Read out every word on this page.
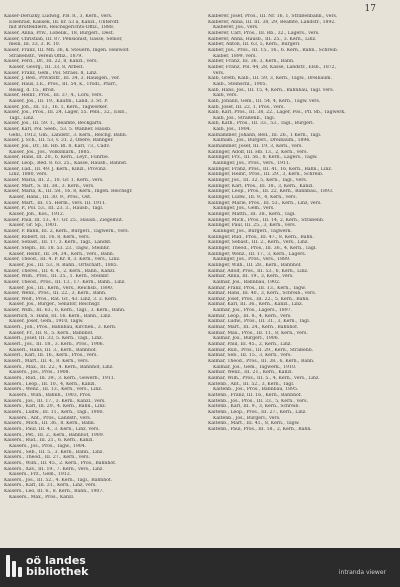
17
Kaiser-Deruzky, Ludwig, P.B. 8., 3, Kern., vers.
Elsenrad, Kalisek, III. kr. 53 a, Kanzl., Unteroff.
mit Brutfeldlern, Reichsgerichts-Offiz., 1888.
Kaiser, Anna, Priv., Lobelik., 18, Bürgerl., Dest.
Kaiser, Christian, III. 87. Pensionist, Gasse, Senior,
mein, III. 33, 3. R. 10.
Kaiser, Franz, III. Mh. 36, k. Steuern, Ingen. Heilwolf.
Straßenstr., Verein Offiz., 1879.
Kaiser, Ferd., Dr., III. 22, 8, Kanzl., vers.
Kaiser, Georg., III. 33, 8, Arbeit.
Kaiser, Franz, Gem., Pol. Strass. 8, Linz.
Kaiser, J. Bed., Privatstr., III. 34, 3. Hausgen., ver.
Kaiser, Haus, I.E., Pros., III. 54, k., Trödl., Pfarr.,
Reisig, d. 15., Brod.
Kaiser, Heinr., Pros., III. 37, 4., Loru, vers.
Kaiser, Jos., III. 19., Kaufm., Land, 3. St. P.
Kaiser, Joh., III. 13., 16. 1, Kern., Tagwerker.
Kaiser, Jos., Pros., III. 24, Lager, 55. Pebl., 32., Elsb.,
Tagl., Linz.
Kaiser, Jos., III. 59. 1., Beamte, Beckgärts.
Kaiser, Karl, Pol. Seeb., 53. 5. Wanner, Hausb.
Gehl., 1912, Gm., Landstr., 3. Kern., Reichg. Bahn.
Kaiser, J. Sch., III. 53, v. 31. 2, Obere, Bahnger.
Kaiser, Jos., Dr., III. Hb. Bl. 8, Karl, 73., Cadv.
Kaiser, Jos., Jos., Volksmark., 1885.
Kaiser, Hans, III. 20., 6, Kern., Leyr., Fuhrbe.
Kaiser, Leop., Bed. 8. 63. 25., Kasse, Hausb., Bahnst.
Kaiser, Lud., III. 49. J. Kern., Kinzl., Provinz.
Linz, 1880, vers.
Kaiser, Maria, III. 2., 10. Gr. 1, Kern., vers.
Kaiser, Mart., S. III. 38., 3. Kern., vers.
Kaiser, Maria, K., III. 58., 16. 8, Kern., Ingen. Reichsgr.
Kaiser, Hans., III. 30. 9., Pros., Ost.
Kaiser, Mart., III. 15. Herm., vers. III. 1911.
Kaiser, P., Pol. 53., III. 23. 3., Hausb., Tagl.
Kaiser, Joh., Kos., 1912.
Kaiser, Paul, III. 13., 47. Gr. 25., Hausb., Ziegelhüt.
Kaiser, Gr. Sp., 1901.
Kaiser, P. Bann, III. 2, Kern., Bürgerl., Tagwerk., vers.
Kaiser, Robert, III. 16. 8, Kern., vers.
Kaiser, Sebast., III. 17. 3. Kern., Tagl., Landst.
Kaiser, Steph., III. 18. 53. 23., Tagw., Steinhr.
Kaiser, Heinr., III. 34, 34., Kern., vers., Bahn.
Kaiser, Theod., III. 4. P. Kr. 8, 3. Kern., vers., Linz.
Kaiser, Jos., III. 53., 8. Bahn., Ortschaft., 1885.
Kaiser, Theres., III. 4. 4., 2. Kern., Bahn., Kanzl.
Kaiser, Wilh., Pros., III. 35., 1. Kern., Steinbr.
Kaiser, Theod., Pros., III. 13., 17. Kern., Bahn., Linz.
Kaiser, Jos., III., Kern., vers., Reichsb., 1890.
Kaiser, Wenz., Pros., III. 22., 3, Kern., Bahn.
Kaiser, Wolf., Pros., Rat. Gr., 43. Linz, 3. 2. Kern.
Kaiser, Jos., Bürger., Senator, Reichsgr.
Kaiser, Wilh., III. 63., 6, Kern., Tagl., 3. Kern., Bahn.
Kaiserlich, S. Hans, III. 16. Kern., Bahn., Linz.
Kaiser, Josef, Gem., 1910, Tagw.
Kaiserl., Joh., Pros., Bahnbau, Kirchen., 3. Kern.
Kaiser, Fr., III. 8., 5. Kern., Bahnhof.
Kaiserl., Josef, III. 33, 5. Kern., Tagl., Linz.
Kaiserl., Jos., III. 18., 3. Kern., Pros., 1906.
Kaiserl., Hans, III. 3., Kern., Bahnhof.
Kaiserl., Karl, III. 16., Kern., Pros., vers.
Kaiserl., Mart., III. 4., 8. Kern., vers.
Kaisers., Max., III. 22., 4. Kern., Bahnhof, Linz.
Kaisers., Jos., Pros., 1908.
Kaisers., Rud., III. 39., 3. Kern., Gewerb., 1911.
Kaisers., Leop., III. 10., 4, Kern., Kanzl.
Kaisers., Wenz., III. 13., Kern., vers., Linz.
Kaisers., Wilh., Bahnh., 1903, Pros.
Kaisers., Jos., III. 17., 3. Kern., Kanzl., vers.
Kaisers., Karl, III. 29., 4. Kern., Bahn., Linz.
Kaisers., Ludw., III. 11., Kern., Tagl., 1900.
Kaisers., Ant., Pros., Landstr., vers.
Kaisers., Mich., III. 36., 8. Kern., Bahn.
Kaisers., Paul, III. 4., 3. Kern., Linz, vers.
Kaisers., Pet., III. 2., Kern., Bahnhof, 1909.
Kaisers., Rud., III. 21., 6. Kern., Kanzl.
Kaisers., Jos., Pros., Tagw., 1904.
Kaisers., Seb., III. 5., 3. Kern., Bahn., Linz.
Kaisers., Theod., III. 27., Kern., vers.
Kaisers., Wilh., III. 45., 2. Kern., Pros., Bahnhof.
Kaisers., Xav., III. 19., 7. Kern., vers., Linz.
Kaisers., Frz., Gem., 1912.
Kaisers., Jos., III. 52., 4. Kern., Tagl., Bahnhof.
Kaisers., Karl, III. 31., Kern., Linz, vers.
Kaisers., Leo, III. 6., 8. Kern., Bahn., 1907.
Kaisers., Max., Pros., Kanzl.
Kalberer, Josef, Pros., III. Nr. 16, 1, Straßenbahn., vers.
Kalberer, Anna, III. III. 38, 29, Beamte, Landstr., 1892.
Kalberer, Jos., vers.
Kalberer, Carl, Pros., III. Rb., 32., Lagers., vers.
Kalberer, Anna, Hausb., III. 25., 3. Kern., Linz.
Kalber, Anton, III. 63, 5, Kern., Bürgerl.
Kalber, Jos., Pros., III. 15., 16., 6. Kern., Bahn., Schreib.
Kalber, 1899, vers.
Kalber, Franz, III. 36. 3, Kern., Bahn.
Kalber, Franz, Pol. 44, 28, Kasse, Landstr., Elsb., 1872,
vers.
Kalb, Greth, Kalb., III. 59, 3, Kern., Tagw., Dreibaum.
Kalb., Steinschl., 1905.
Kalb, Hans, Jos., III. 15, 4, Kern., Bahnbau, Tagl. vers.
Kalb, vers.
Kalb, Johann, Gem., III. 54, 4, Kern., Tagw. vers.
Kalb, Josef, III. 22, 1, Pros., vers.
Kalb, Karl, Pros., III. 38, 22., Lager, Pos., Pfl. 8b., Tagwerk.
Kalb, Jos., Straßenb., Tagl.
Kalb, Kath., Pros., III. 33., 53., Tagl., Bürgerl.
Kalb, Jos., 1904.
Kallhammer, Johann, Bed., III. 26., 1 Kern., Tagl.
Kallham., Jos., Bürgerl., Dreibaum., 1896.
Kallhammer, Josef, III. 19, 3, Kern., vers.
Kallinger, Adolf, III. Hb. 13., 2, Kern., vers.
Kallinger, Frz., III. 56., 8, Kern., Lagers., Tagw.
Kallinger, Jos., Pros., vers., 1911.
Kallinger, Franz, Pros., III. 41, 16, Kern., Bahn., Linz.
Kallinger, Heinr., Pros., III. 29., 3, Kern., Schreib.
Kallinger, Jos., III. 32, 5, Kern., Tagl., vers.
Kallinger, Karl, Pros., III. 18., 3, Kern., Kanzl.
Kallinger, Leop., Pros., III. 22, Kern., Bahnbau., 1893.
Kallinger, Ludw., III. 9., 4, Kern., vers.
Kallinger, Marie, Pros., III. 53., Kern., Linz, vers.
Kallinger, Jos., Gem., vers.
Kallinger, Matth., III. 38., Kern., Tagl.
Kallinger, Mich., Pros., III. 14, 2, Kern., Straßenb.
Kallinger, Paul, III. 25., 3, Kern., vers.
Kallinger, Jos., Bürgerl., Tagwerk.
Kallinger, Rud., Pros., III. 47., 8, Kern., Bahn.
Kallinger, Sebast., III. 2., Kern., vers., Linz.
Kallinger, Theod., Pros., III. 36., 4, Kern., Tagl.
Kallinger, Wenz., III. 17., 3, Kern., Lagers.
Kallinger, Jos., Pros., vers., 1889.
Kallinger, Wilh., III. 28., Kern., Bahnhof.
Kalmar, Adolf, Pros., III. 53., 6, Kern., Linz.
Kalmar, Anna, III. 19., 3, Kern., vers.
Kalmar, Jos., Bahnbau, 1902.
Kalmar, Franz, Pros., III. 13., Kern., Tagw.
Kalmar, Hans, III. 40., 3, Kern., Schreib., vers.
Kalmar, Josef, Pros., III. 22., 5, Kern., Bahn.
Kalmar, Karl, III. 36., Kern., Kanzl., Linz.
Kalmar, Jos., Pros., Lagers., 1897.
Kalmar, Leop., III. 8., 4, Kern., vers.
Kalmar, Ludw., Pros., III. 31., 3, Kern., Tagl.
Kalmar, Mart., III. 24., Kern., Bahnhof.
Kalmar, Max., Pros., III. 11., 8, Kern., vers.
Kalmar, Jos., Bürgerl., 1906.
Kalmar, Paul, III. 45., 2, Kern., Linz.
Kalmar, Rud., Pros., III. 29., Kern., Straßenb.
Kalmar, Seb., III. 15., 3, Kern., vers.
Kalmar, Theod., Pros., III. 38., 6, Kern., Bahn.
Kalmar, Jos., Gem., Tagwerk., 1910.
Kalmar, Wenz., III. 21., Kern., Kanzl.
Kalmar, Wilh., Pros., III. 5., 4, Kern., vers., Linz.
Kaltenb., Ant., III. 52., 3, Kern., Tagl.
Kaltenb., Jos., Pros., Bahnbau, 1895.
Kaltenb., Franz, III. 16., Kern., Bahnhof.
Kaltenb., Jos., Pros., III. 33., 5, Kern., vers.
Kaltenb., Karl, III. 9., 3, Kern., Schreib.
Kaltenb., Leop., Pros., III. 27., Kern., Linz.
Kaltenb., Jos., Bürgerl., vers.
Kaltenb., Mart., III. 41., 8, Kern., Tagw.
Kaltenb., Paul, Pros., III. 18., 2, Kern., Bahn.
oö landes
bibliothek	intranda viewer
